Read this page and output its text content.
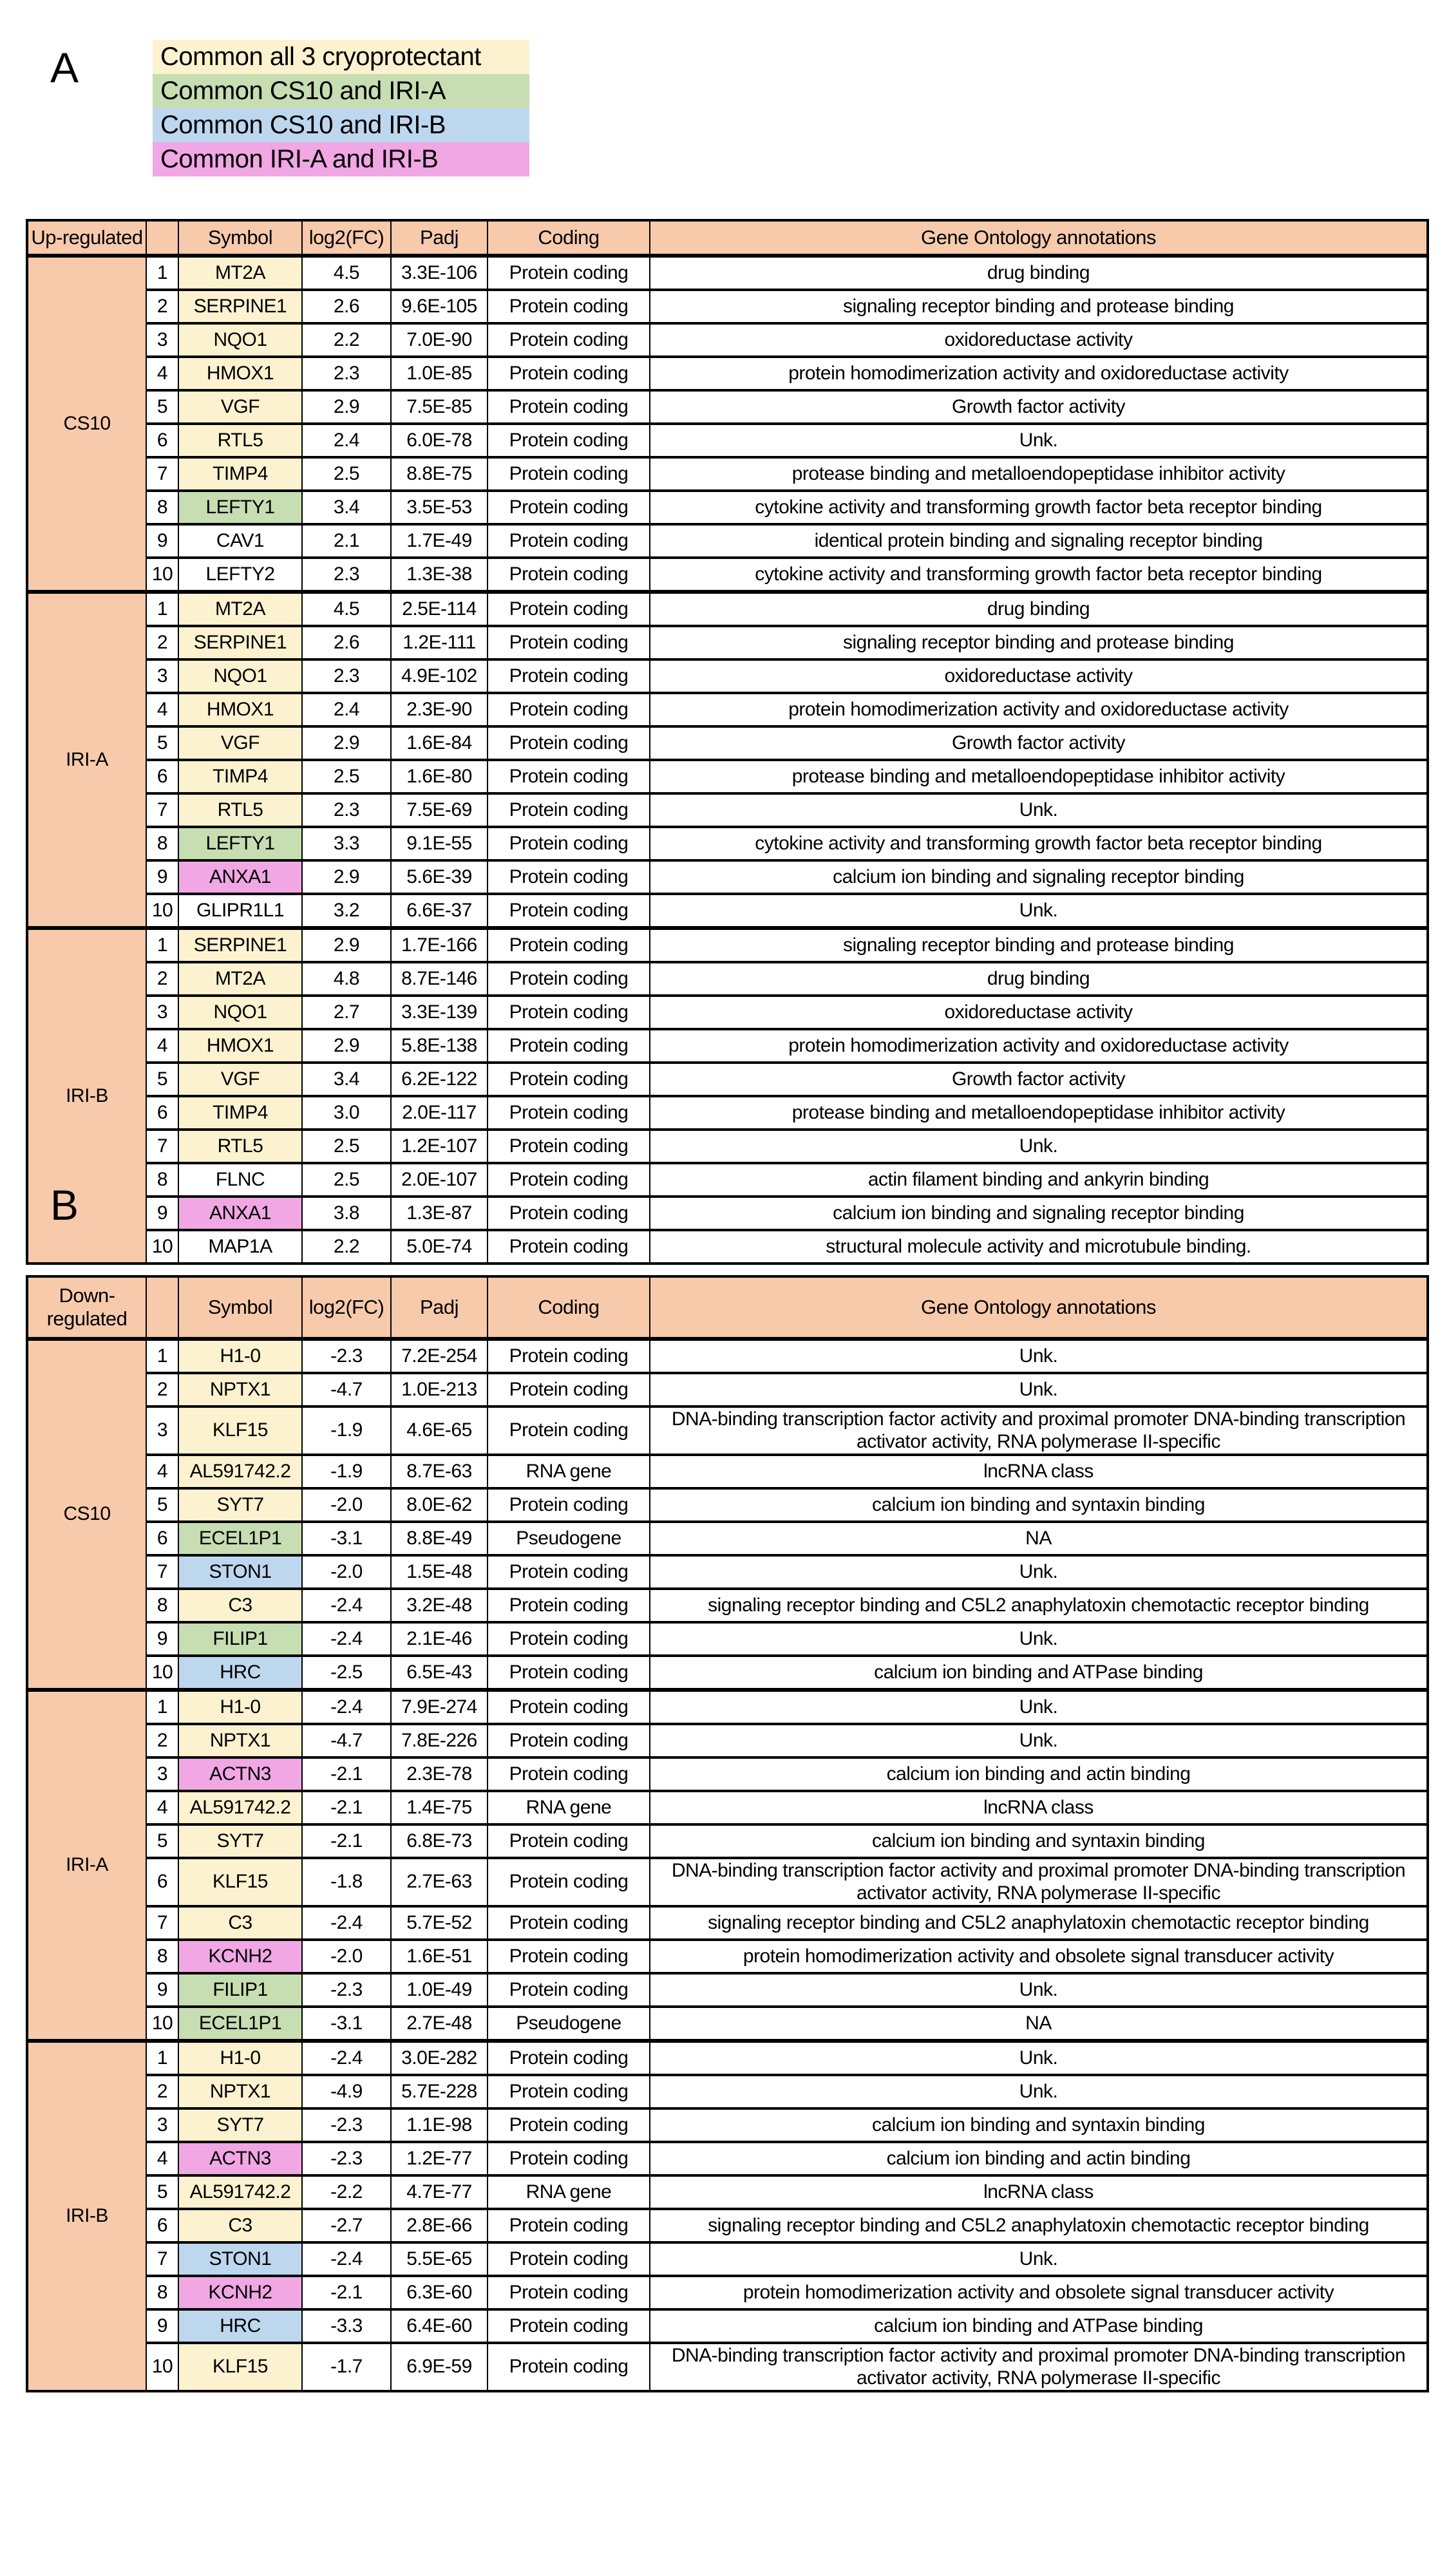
A	Common all 3 cryoprotectant
Common CS10 and IRI-A
Common CS10 and IRI-B
Common IRI-A and IRI-B
Up-regulated		Symbol	log2(FC)	Padj	Coding	Gene Ontology annotations
CS10	1	MT2A	4.5	3.3E-106	Protein coding	drug binding
	2	SERPINE1	2.6	9.6E-105	Protein coding	signaling receptor binding and protease binding
	3	NQO1	2.2	7.0E-90	Protein coding	oxidoreductase activity
	4	HMOX1	2.3	1.0E-85	Protein coding	protein homodimerization activity and oxidoreductase activity
	5	VGF	2.9	7.5E-85	Protein coding	Growth factor activity
	6	RTL5	2.4	6.0E-78	Protein coding	Unk.
	7	TIMP4	2.5	8.8E-75	Protein coding	protease binding and metalloendopeptidase inhibitor activity
	8	LEFTY1	3.4	3.5E-53	Protein coding	cytokine activity and transforming growth factor beta receptor binding
	9	CAV1	2.1	1.7E-49	Protein coding	identical protein binding and signaling receptor binding
	10	LEFTY2	2.3	1.3E-38	Protein coding	cytokine activity and transforming growth factor beta receptor binding
IRI-A	1	MT2A	4.5	2.5E-114	Protein coding	drug binding
	2	SERPINE1	2.6	1.2E-111	Protein coding	signaling receptor binding and protease binding
	3	NQO1	2.3	4.9E-102	Protein coding	oxidoreductase activity
	4	HMOX1	2.4	2.3E-90	Protein coding	protein homodimerization activity and oxidoreductase activity
	5	VGF	2.9	1.6E-84	Protein coding	Growth factor activity
	6	TIMP4	2.5	1.6E-80	Protein coding	protease binding and metalloendopeptidase inhibitor activity
	7	RTL5	2.3	7.5E-69	Protein coding	Unk.
	8	LEFTY1	3.3	9.1E-55	Protein coding	cytokine activity and transforming growth factor beta receptor binding
	9	ANXA1	2.9	5.6E-39	Protein coding	calcium ion binding and signaling receptor binding
	10	GLIPR1L1	3.2	6.6E-37	Protein coding	Unk.
IRI-B	1	SERPINE1	2.9	1.7E-166	Protein coding	signaling receptor binding and protease binding
	2	MT2A	4.8	8.7E-146	Protein coding	drug binding
	3	NQO1	2.7	3.3E-139	Protein coding	oxidoreductase activity
	4	HMOX1	2.9	5.8E-138	Protein coding	protein homodimerization activity and oxidoreductase activity
	5	VGF	3.4	6.2E-122	Protein coding	Growth factor activity
	6	TIMP4	3.0	2.0E-117	Protein coding	protease binding and metalloendopeptidase inhibitor activity
	7	RTL5	2.5	1.2E-107	Protein coding	Unk.
	8	FLNC	2.5	2.0E-107	Protein coding	actin filament binding and ankyrin binding
	9	ANXA1	3.8	1.3E-87	Protein coding	calcium ion binding and signaling receptor binding
	10	MAP1A	2.2	5.0E-74	Protein coding	structural molecule activity and microtubule binding.
B
Down-regulated		Symbol	log2(FC)	Padj	Coding	Gene Ontology annotations
CS10	1	H1-0	-2.3	7.2E-254	Protein coding	Unk.
	2	NPTX1	-4.7	1.0E-213	Protein coding	Unk.
	3	KLF15	-1.9	4.6E-65	Protein coding	DNA-binding transcription factor activity and proximal promoter DNA-binding transcription activator activity, RNA polymerase II-specific
	4	AL591742.2	-1.9	8.7E-63	RNA gene	lncRNA class
	5	SYT7	-2.0	8.0E-62	Protein coding	calcium ion binding and syntaxin binding
	6	ECEL1P1	-3.1	8.8E-49	Pseudogene	NA
	7	STON1	-2.0	1.5E-48	Protein coding	Unk.
	8	C3	-2.4	3.2E-48	Protein coding	signaling receptor binding and C5L2 anaphylatoxin chemotactic receptor binding
	9	FILIP1	-2.4	2.1E-46	Protein coding	Unk.
	10	HRC	-2.5	6.5E-43	Protein coding	calcium ion binding and ATPase binding
IRI-A	1	H1-0	-2.4	7.9E-274	Protein coding	Unk.
	2	NPTX1	-4.7	7.8E-226	Protein coding	Unk.
	3	ACTN3	-2.1	2.3E-78	Protein coding	calcium ion binding and actin binding
	4	AL591742.2	-2.1	1.4E-75	RNA gene	lncRNA class
	5	SYT7	-2.1	6.8E-73	Protein coding	calcium ion binding and syntaxin binding
	6	KLF15	-1.8	2.7E-63	Protein coding	DNA-binding transcription factor activity and proximal promoter DNA-binding transcription activator activity, RNA polymerase II-specific
	7	C3	-2.4	5.7E-52	Protein coding	signaling receptor binding and C5L2 anaphylatoxin chemotactic receptor binding
	8	KCNH2	-2.0	1.6E-51	Protein coding	protein homodimerization activity and obsolete signal transducer activity
	9	FILIP1	-2.3	1.0E-49	Protein coding	Unk.
	10	ECEL1P1	-3.1	2.7E-48	Pseudogene	NA
IRI-B	1	H1-0	-2.4	3.0E-282	Protein coding	Unk.
	2	NPTX1	-4.9	5.7E-228	Protein coding	Unk.
	3	SYT7	-2.3	1.1E-98	Protein coding	calcium ion binding and syntaxin binding
	4	ACTN3	-2.3	1.2E-77	Protein coding	calcium ion binding and actin binding
	5	AL591742.2	-2.2	4.7E-77	RNA gene	lncRNA class
	6	C3	-2.7	2.8E-66	Protein coding	signaling receptor binding and C5L2 anaphylatoxin chemotactic receptor binding
	7	STON1	-2.4	5.5E-65	Protein coding	Unk.
	8	KCNH2	-2.1	6.3E-60	Protein coding	protein homodimerization activity and obsolete signal transducer activity
	9	HRC	-3.3	6.4E-60	Protein coding	calcium ion binding and ATPase binding
	10	KLF15	-1.7	6.9E-59	Protein coding	DNA-binding transcription factor activity and proximal promoter DNA-binding transcription activator activity, RNA polymerase II-specific
